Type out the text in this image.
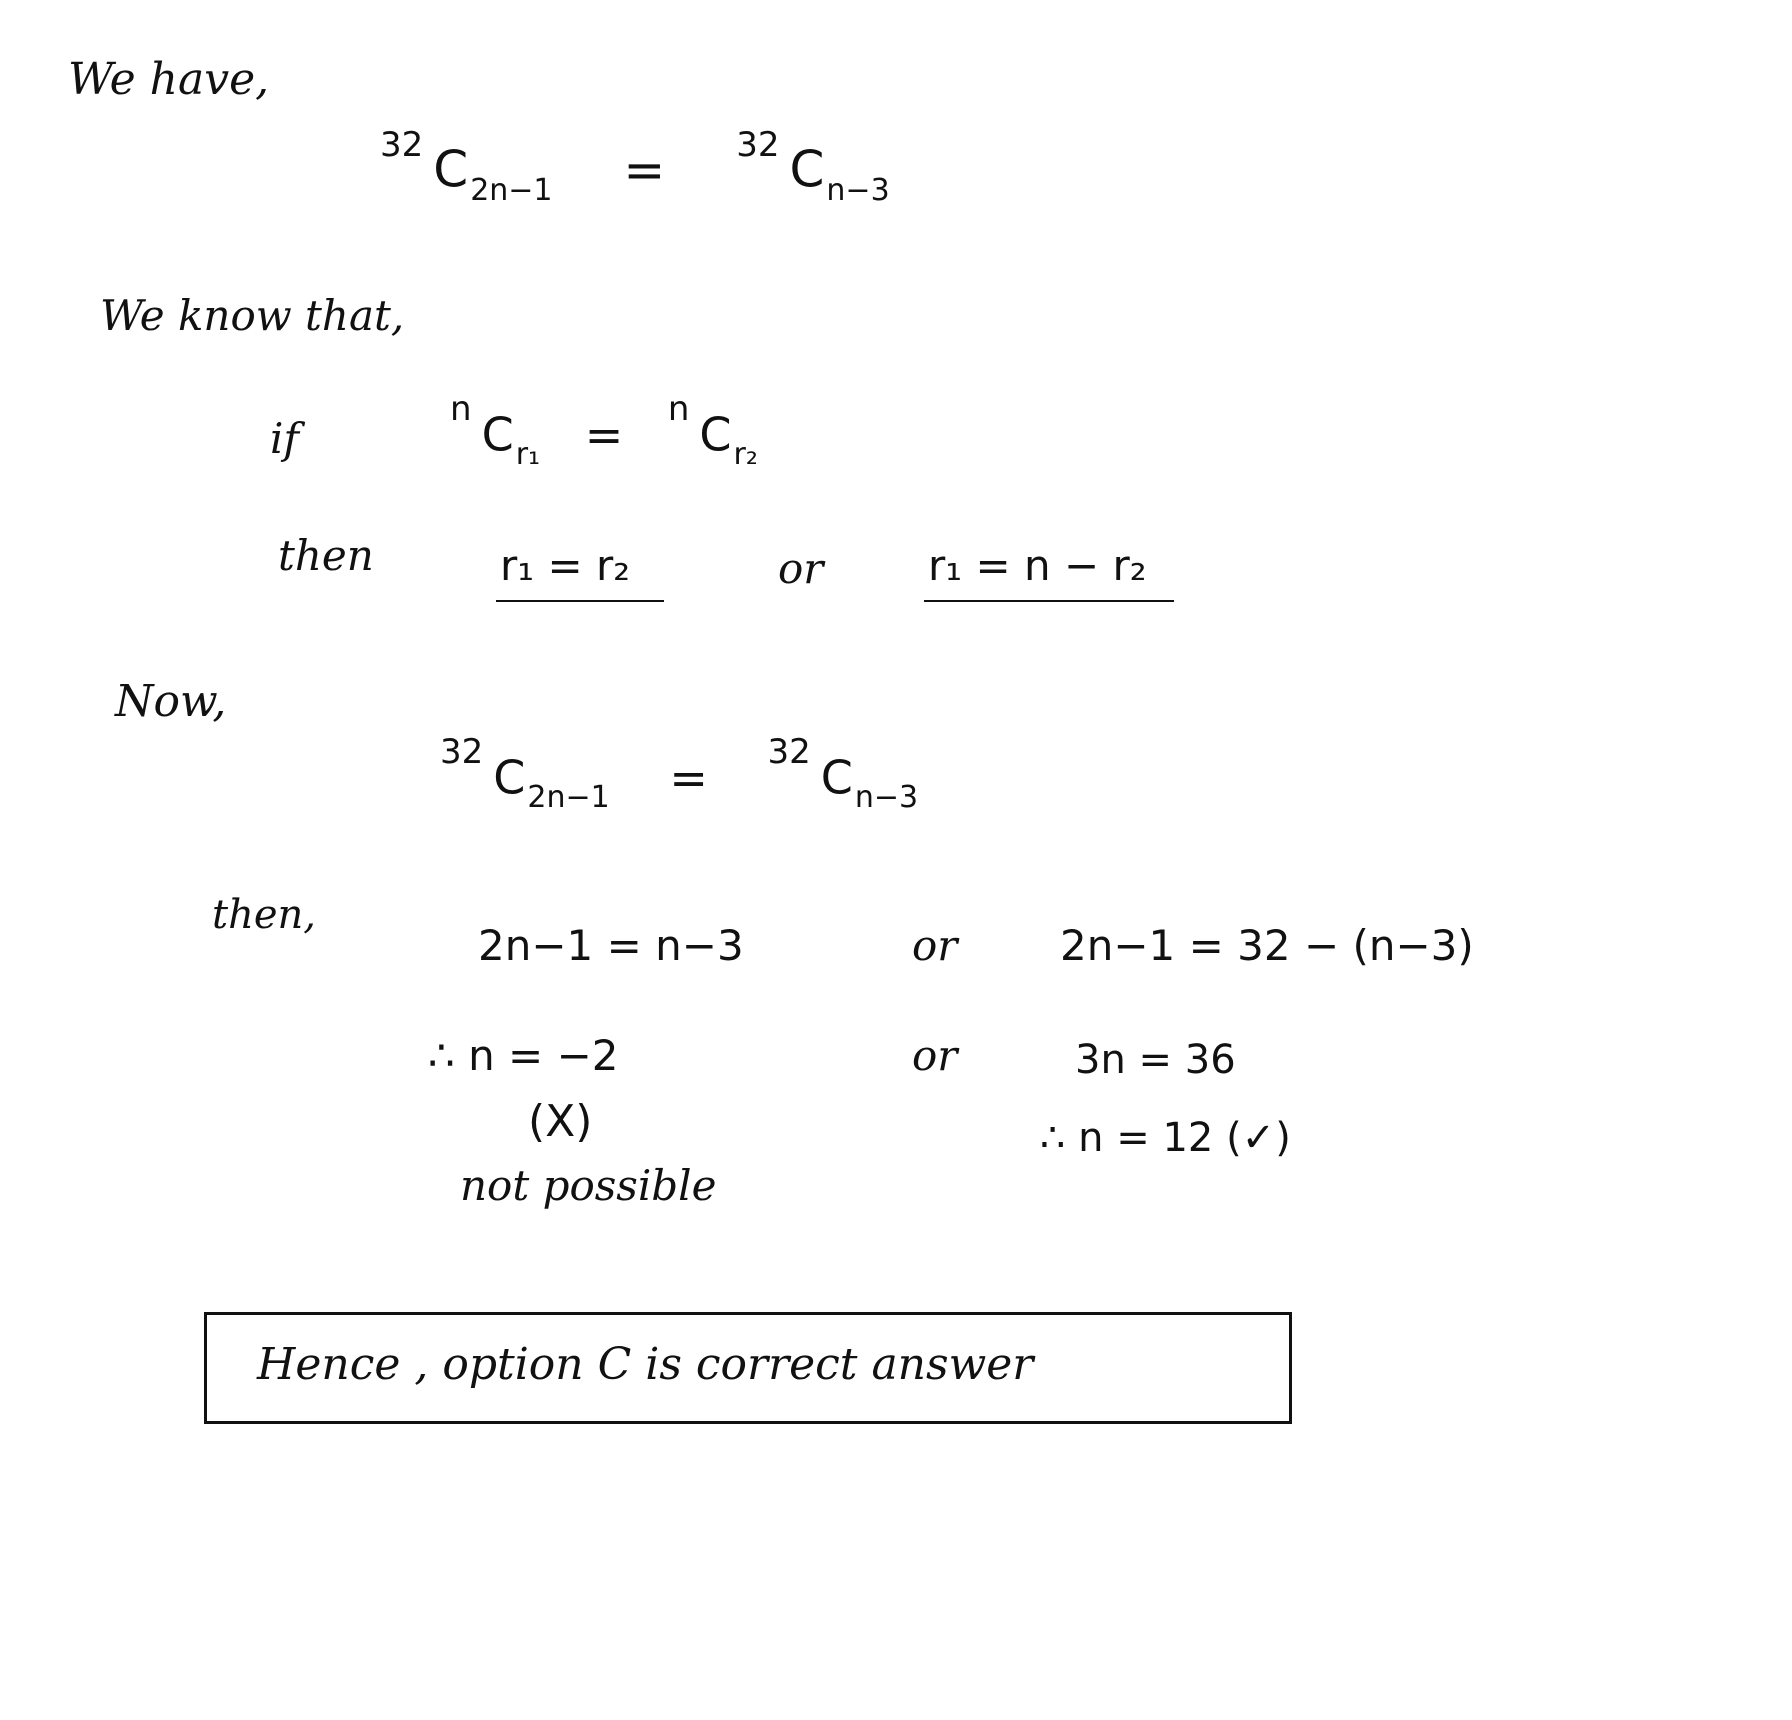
We have,
$^{32}$ $C_{2n-1} = ^{32}$ $C_{n-3}$
We know that,
if
$^n$ $C_{r_1} = ^n$ $C_{r_2}$
then	r₁ = r₂	or r₁ = n − r₂
Now,
$^{32}$ $C_{2n-1} = ^{32}$ $C_{n-3}$
then,
2n−1 = n−3	or 2n−1 = 32 − (n−3)
∴ n = −2	or	3n = 36
(X)	∴ n = 12 (✓)
not possible
Hence , option C is correct answer
